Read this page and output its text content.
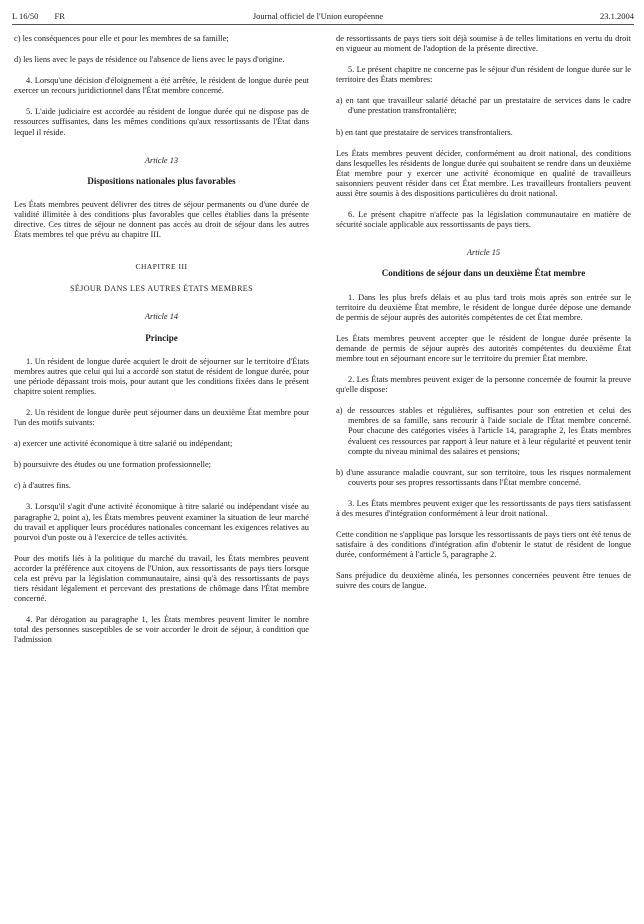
L 16/50 FR	Journal officiel de l'Union européenne	23.1.2004

c) les conséquences pour elle et pour les membres de sa famille;

d) les liens avec le pays de résidence ou l'absence de liens avec le pays d'origine.

4. Lorsqu'une décision d'éloignement a été arrêtée, le résident de longue durée peut exercer un recours juridictionnel dans l'État membre concerné.

5. L'aide judiciaire est accordée au résident de longue durée qui ne dispose pas de ressources suffisantes, dans les mêmes conditions qu'aux ressortissants de l'État dans lequel il réside.

Article 13
Dispositions nationales plus favorables

Les États membres peuvent délivrer des titres de séjour permanents ou d'une durée de validité illimitée à des conditions plus favorables que celles établies dans la présente directive. Ces titres de séjour ne donnent pas accès au droit de séjour dans les autres États membres tel que prévu au chapitre III.

CHAPITRE III
SÉJOUR DANS LES AUTRES ÉTATS MEMBRES
Article 14
Principe

1. Un résident de longue durée acquiert le droit de séjourner sur le territoire d'États membres autres que celui qui lui a accordé son statut de résident de longue durée, pour une période dépassant trois mois, pour autant que les conditions fixées dans le présent chapitre soient remplies.

2. Un résident de longue durée peut séjourner dans un deuxième État membre pour l'un des motifs suivants:

a) exercer une activité économique à titre salarié ou indépendant;

b) poursuivre des études ou une formation professionnelle;

c) à d'autres fins.

3. Lorsqu'il s'agit d'une activité économique à titre salarié ou indépendant visée au paragraphe 2, point a), les États membres peuvent examiner la situation de leur marché du travail et appliquer leurs procédures nationales concernant les exigences relatives au pourvoi d'un poste ou à l'exercice de telles activités.

Pour des motifs liés à la politique du marché du travail, les États membres peuvent accorder la préférence aux citoyens de l'Union, aux ressortissants de pays tiers lorsque cela est prévu par la législation communautaire, ainsi qu'à des ressortissants de pays tiers résidant légalement et percevant des prestations de chômage dans l'État membre concerné.

4. Par dérogation au paragraphe 1, les États membres peuvent limiter le nombre total des personnes susceptibles de se voir accorder le droit de séjour, à condition que l'admission

de ressortissants de pays tiers soit déjà soumise à de telles limitations en vertu du droit en vigueur au moment de l'adoption de la présente directive.

5. Le présent chapitre ne concerne pas le séjour d'un résident de longue durée sur le territoire des États membres:

a) en tant que travailleur salarié détaché par un prestataire de services dans le cadre d'une prestation transfrontalière;

b) en tant que prestataire de services transfrontaliers.

Les États membres peuvent décider, conformément au droit national, des conditions dans lesquelles les résidents de longue durée qui souhaitent se rendre dans un deuxième État membre pour y exercer une activité économique en qualité de travailleurs saisonniers peuvent résider dans cet État membre. Les travailleurs frontaliers peuvent aussi être soumis à des dispositions particulières du droit national.

6. Le présent chapitre n'affecte pas la législation communautaire en matière de sécurité sociale applicable aux ressortissants de pays tiers.

Article 15
Conditions de séjour dans un deuxième État membre

1. Dans les plus brefs délais et au plus tard trois mois après son entrée sur le territoire du deuxième État membre, le résident de longue durée dépose une demande de permis de séjour auprès des autorités compétentes de cet État membre.

Les États membres peuvent accepter que le résident de longue durée présente la demande de permis de séjour auprès des autorités compétentes du deuxième État membre tout en séjournant encore sur le territoire du premier État membre.

2. Les États membres peuvent exiger de la personne concernée de fournir la preuve qu'elle dispose:

a) de ressources stables et régulières, suffisantes pour son entretien et celui des membres de sa famille, sans recourir à l'aide sociale de l'État membre concerné. Pour chacune des catégories visées à l'article 14, paragraphe 2, les États membres évaluent ces ressources par rapport à leur nature et à leur régularité et peuvent tenir compte du niveau minimal des salaires et pensions;

b) d'une assurance maladie couvrant, sur son territoire, tous les risques normalement couverts pour ses propres ressortissants dans l'État membre concerné.

3. Les États membres peuvent exiger que les ressortissants de pays tiers satisfassent à des mesures d'intégration conformément à leur droit national.

Cette condition ne s'applique pas lorsque les ressortissants de pays tiers ont été tenus de satisfaire à des conditions d'intégration afin d'obtenir le statut de résident de longue durée, conformément à l'article 5, paragraphe 2.

Sans préjudice du deuxième alinéa, les personnes concernées peuvent être tenues de suivre des cours de langue.
